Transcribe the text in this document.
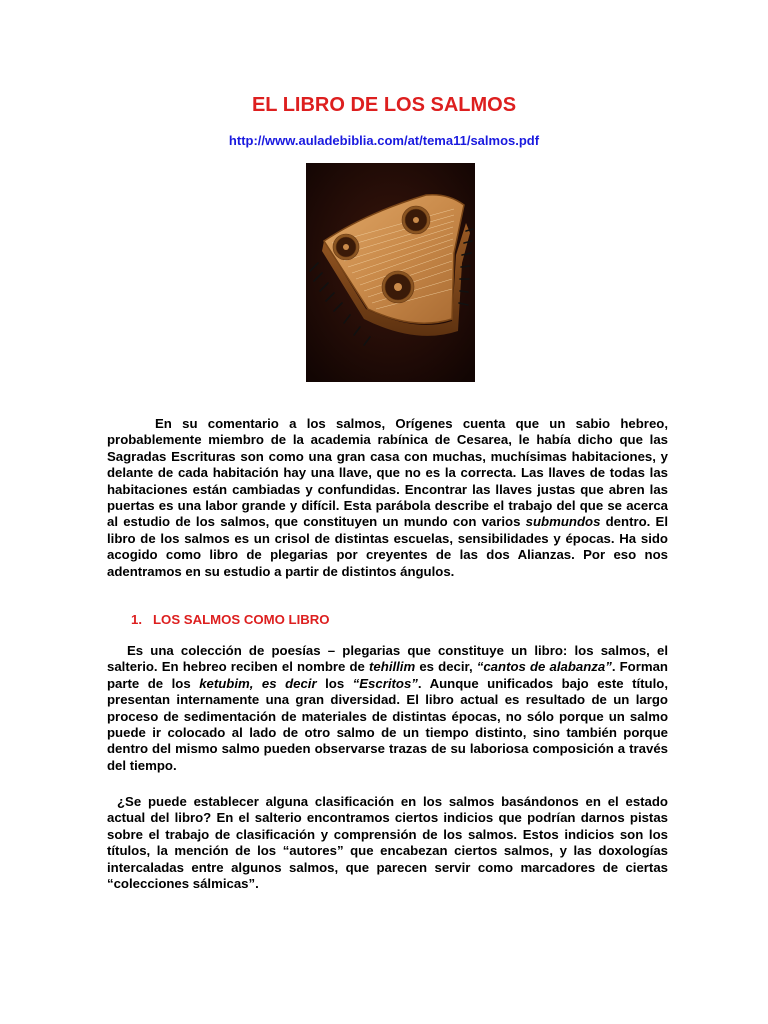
EL LIBRO DE LOS SALMOS
http://www.auladebiblia.com/at/tema11/salmos.pdf
En su comentario a los salmos, Orígenes cuenta que un sabio hebreo, probablemente miembro de la academia rabínica de Cesarea, le había dicho que las Sagradas Escrituras son como una gran casa con muchas, muchísimas habitaciones, y delante de cada habitación hay una llave, que no es la correcta. Las llaves de todas las habitaciones están cambiadas y confundidas. Encontrar las llaves justas que abren las puertas es una labor grande y difícil. Esta parábola describe el trabajo del que se acerca al estudio de los salmos, que constituyen un mundo con varios submundos dentro. El libro de los salmos es un crisol de distintas escuelas, sensibilidades y épocas. Ha sido acogido como libro de plegarias por creyentes de las dos Alianzas. Por eso nos adentramos en su estudio a partir de distintos ángulos.
1. LOS SALMOS COMO LIBRO
Es una colección de poesías – plegarias que constituye un libro: los salmos, el salterio. En hebreo reciben el nombre de tehillim es decir, “cantos de alabanza”. Forman parte de los ketubim, es decir los “Escritos”. Aunque unificados bajo este título, presentan internamente una gran diversidad. El libro actual es resultado de un largo proceso de sedimentación de materiales de distintas épocas, no sólo porque un salmo puede ir colocado al lado de otro salmo de un tiempo distinto, sino también porque dentro del mismo salmo pueden observarse trazas de su laboriosa composición a través del tiempo.
¿Se puede establecer alguna clasificación en los salmos basándonos en el estado actual del libro? En el salterio encontramos ciertos indicios que podrían darnos pistas sobre el trabajo de clasificación y comprensión de los salmos. Estos indicios son los títulos, la mención de los “autores” que encabezan ciertos salmos, y las doxologías intercaladas entre algunos salmos, que parecen servir como marcadores de ciertas “colecciones sálmicas”.
